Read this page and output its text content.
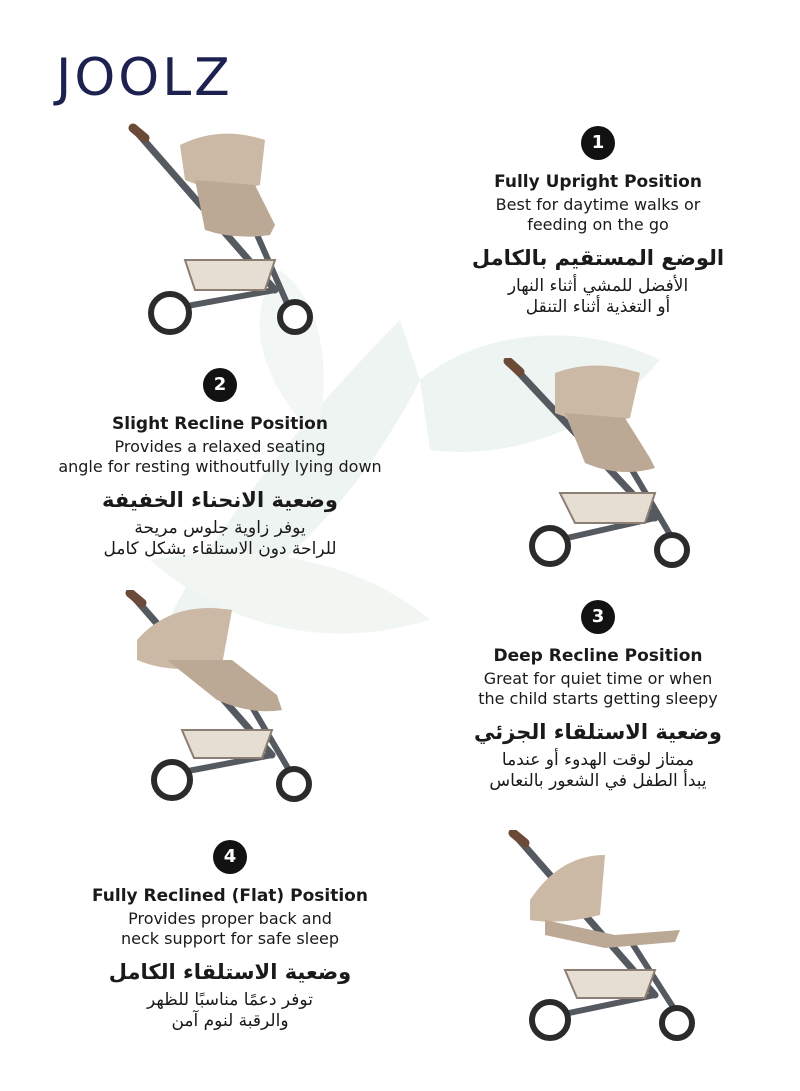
JOOLZ
1

Fully Upright Position

Best for daytime walks or

feeding on the go

الوضع المستقيم بالكامل

الأفضل للمشي أثناء النهار

أو التغذية أثناء التنقل

2

Slight Recline Position

Provides a relaxed seating

angle for resting withoutfully lying down

وضعية الانحناء الخفيفة

يوفر زاوية جلوس مريحة

للراحة دون الاستلقاء بشكل كامل

3

Deep Recline Position

Great for quiet time or when

the child starts getting sleepy

وضعية الاستلقاء الجزئي

ممتاز لوقت الهدوء أو عندما

يبدأ الطفل في الشعور بالنعاس

4

Fully Reclined (Flat) Position

Provides proper back and

neck support for safe sleep

وضعية الاستلقاء الكامل

توفر دعمًا مناسبًا للظهر

والرقبة لنوم آمن
